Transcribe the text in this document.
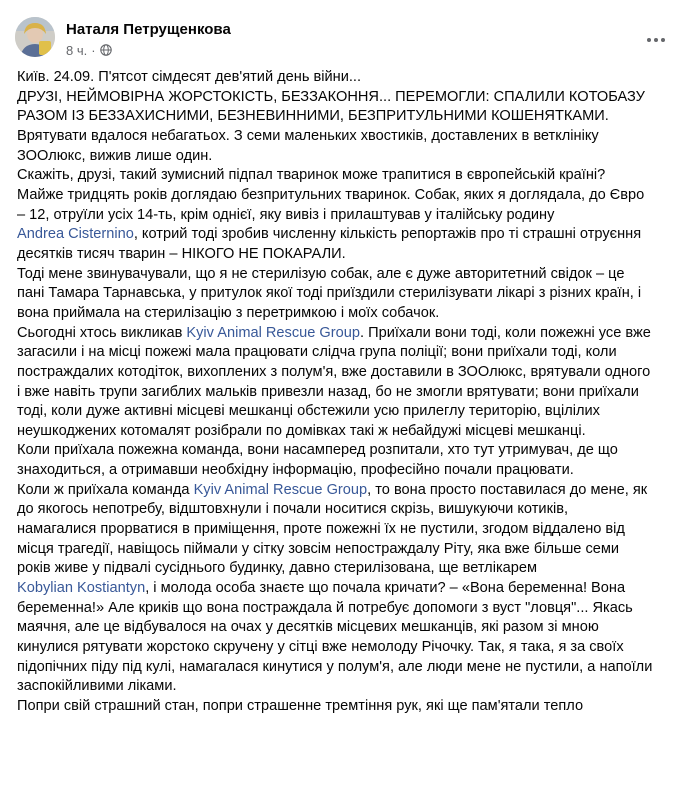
Наталя Петрущенкова
8 ч. ·

Київ. 24.09. П'ятсот сімдесят дев'ятий день війни...

ДРУЗІ, НЕЙМОВІРНА ЖОРСТОКІСТЬ, БЕЗЗАКОННЯ... ПЕРЕМОГЛИ: СПАЛИЛИ КОТОБАЗУ

РАЗОМ ІЗ БЕЗЗАХИСНИМИ, БЕЗНЕВИННИМИ, БЕЗПРИТУЛЬНИМИ КОШЕНЯТКАМИ.

Врятувати вдалося небагатьох. З семи маленьких хвостиків, доставлених в ветклініку

ЗООлюкс, вижив лише один.

Скажіть, друзі, такий зумисний підпал тваринок може трапитися в європейській країні?

Майже тридцять років доглядаю безпритульних тваринок. Собак, яких я доглядала, до Євро

– 12, отруїли усіх 14-ть, крім однієї, яку вивіз і прилаштував у італійську родину

Andrea Cisternino, котрий тоді зробив численну кількість репортажів про ті страшні отруєння

десятків тисяч тварин – НІКОГО НЕ ПОКАРАЛИ.

Тоді мене звинувачували, що я не стерилізую собак, але є дуже авторитетний свідок – це

пані Тамара Тарнавська, у притулок якої тоді приїздили стерилізувати лікарі з різних країн, і

вона приймала на стерилізацію з перетримкою і моїх собачок.

Сьогодні хтось викликав Kyiv Animal Rescue Group. Приїхали вони тоді, коли пожежні усе вже

загасили і на місці пожежі мала працювати слідча група поліції; вони приїхали тоді, коли

постраждалих котодіток, вихоплених з полум'я, вже доставили в ЗООлюкс, врятували одного

і вже навіть трупи загиблих мальків привезли назад, бо не змогли врятувати; вони приїхали

тоді, коли дуже активні місцеві мешканці обстежили усю прилеглу територію, вцілілих

неушкоджених котомалят розібрали по домівках такі ж небайдужі місцеві мешканці.

Коли приїхала пожежна команда, вони насамперед розпитали, хто тут утримувач, де що

знаходиться, а отримавши необхідну інформацію, професійно почали працювати.

Коли ж приїхала команда Kyiv Animal Rescue Group, то вона просто поставилася до мене, як

до якогось непотребу, відштовхнули і почали носитися скрізь, вишукуючи котиків,

намагалися прорватися в приміщення, проте пожежні їх не пустили, згодом віддалено від

місця трагедії, навіщось піймали у сітку зовсім непостраждалу Ріту, яка вже більше семи

років живе у підвалі сусіднього будинку, давно стерилізована, ще ветлікарем

Kobylian Kostiantyn, і молода особа знаєте що почала кричати? – «Вона беременна! Вона

беременна!» Але криків що вона постраждала й потребує допомоги з вуст "ловця"... Якась

маячня, але це відбувалося на очах у десятків місцевих мешканців, які разом зі мною

кинулися рятувати жорстоко скручену у сітці вже немолоду Річочку. Так, я така, я за своїх

підопічних піду під кулі, намагалася кинутися у полум'я, але люди мене не пустили, а напоїли

заспокійливими ліками.

Попри свій страшний стан, попри страшенне тремтіння рук, які ще пам'ятали тепло
